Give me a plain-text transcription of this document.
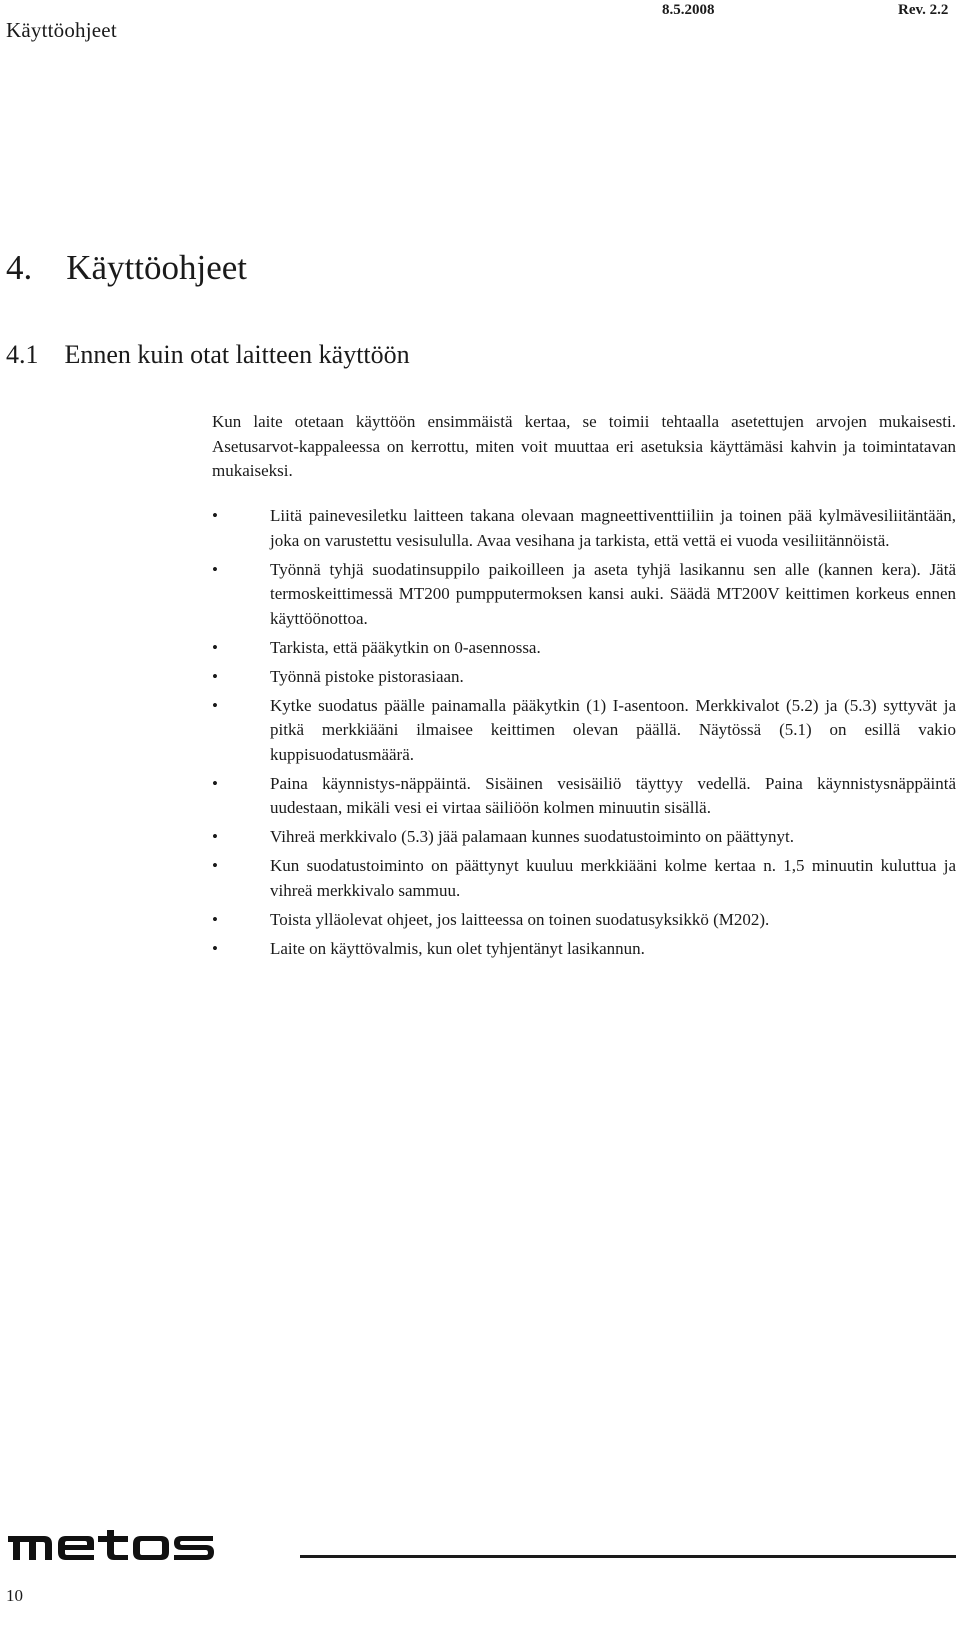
Käyttöohjeet
8.5.2008	Rev. 2.2
4. Käyttöohjeet
4.1 Ennen kuin otat laitteen käyttöön

Kun laite otetaan käyttöön ensimmäistä kertaa, se toimii tehtaalla asetettujen arvojen mukaisesti. Asetusarvot-kappaleessa on kerrottu, miten voit muuttaa eri asetuksia käyttämäsi kahvin ja toimintatavan mukaiseksi.

•	Liitä painevesiletku laitteen takana olevaan magneettiventtiiliin ja toinen pää kylmävesiliitäntään, joka on varustettu vesisululla. Avaa vesihana ja tarkista, että vettä ei vuoda vesiliitännöistä.
•	Työnnä tyhjä suodatinsuppilo paikoilleen ja aseta tyhjä lasikannu sen alle (kannen kera). Jätä termoskeittimessä MT200 pumpputermoksen kansi auki. Säädä MT200V keittimen korkeus ennen käyttöönottoa.
•	Tarkista, että pääkytkin on 0-asennossa.
•	Työnnä pistoke pistorasiaan.
•	Kytke suodatus päälle painamalla pääkytkin (1) I-asentoon. Merkkivalot (5.2) ja (5.3) syttyvät ja pitkä merkkiääni ilmaisee keittimen olevan päällä. Näytössä (5.1) on esillä vakio kuppisuodatusmäärä.
•	Paina käynnistys-näppäintä. Sisäinen vesisäiliö täyttyy vedellä. Paina käynnistysnäppäintä uudestaan, mikäli vesi ei virtaa säiliöön kolmen minuutin sisällä.
•	Vihreä merkkivalo (5.3) jää palamaan kunnes suodatustoiminto on päättynyt.
•	Kun suodatustoiminto on päättynyt kuuluu merkkiääni kolme kertaa n. 1,5 minuutin kuluttua ja vihreä merkkivalo sammuu.
•	Toista ylläolevat ohjeet, jos laitteessa on toinen suodatusyksikkö (M202).
•	Laite on käyttövalmis, kun olet tyhjentänyt lasikannun.
10
